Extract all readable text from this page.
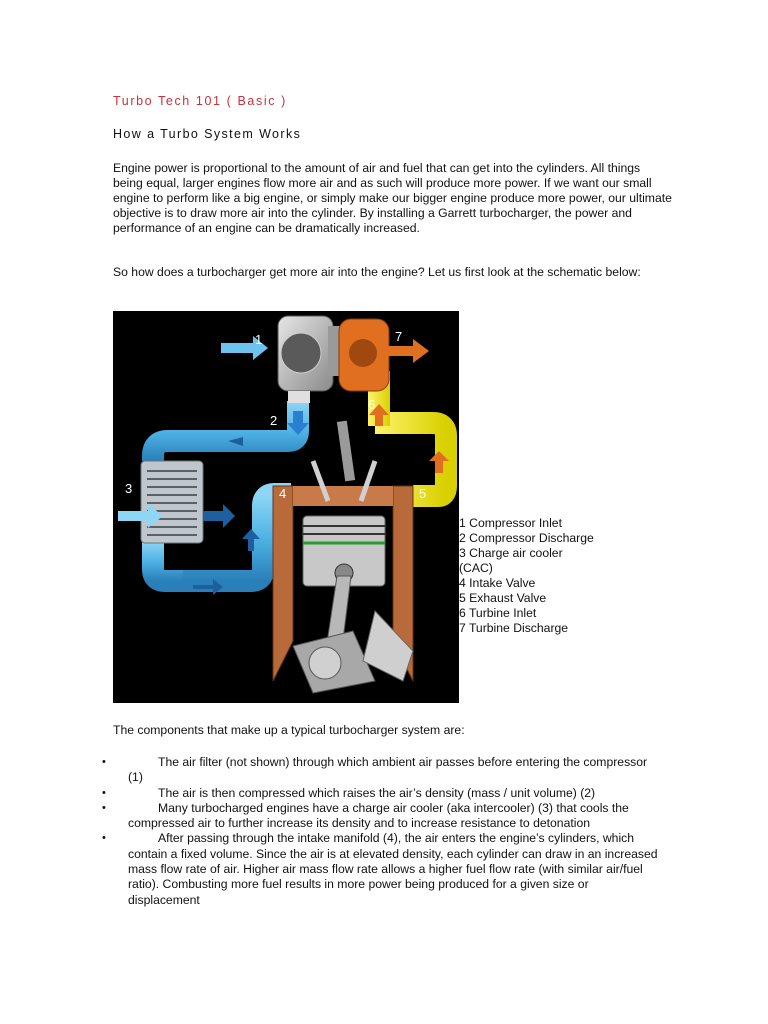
Turbo Tech 101 ( Basic )
How a Turbo System Works
Engine power is proportional to the amount of air and fuel that can get into the cylinders. All things being equal, larger engines flow more air and as such will produce more power. If we want our small engine to perform like a big engine, or simply make our bigger engine produce more power, our ultimate objective is to draw more air into the cylinder. By installing a Garrett turbocharger, the power and performance of an engine can be dramatically increased.
So how does a turbocharger get more air into the engine? Let us first look at the schematic below:
1
2
3	4	5
6
7
1 Compressor Inlet
2 Compressor Discharge
3 Charge air cooler
(CAC)
4 Intake Valve
5 Exhaust Valve
6 Turbine Inlet
7 Turbine Discharge
The components that make up a typical turbocharger system are:
•	The air filter (not shown) through which ambient air passes before entering the compressor (1)
•	The air is then compressed which raises the air’s density (mass / unit volume) (2)
•	Many turbocharged engines have a charge air cooler (aka intercooler) (3) that cools the compressed air to further increase its density and to increase resistance to detonation
•	After passing through the intake manifold (4), the air enters the engine’s cylinders, which contain a fixed volume. Since the air is at elevated density, each cylinder can draw in an increased mass flow rate of air. Higher air mass flow rate allows a higher fuel flow rate (with similar air/fuel ratio). Combusting more fuel results in more power being produced for a given size or displacement
